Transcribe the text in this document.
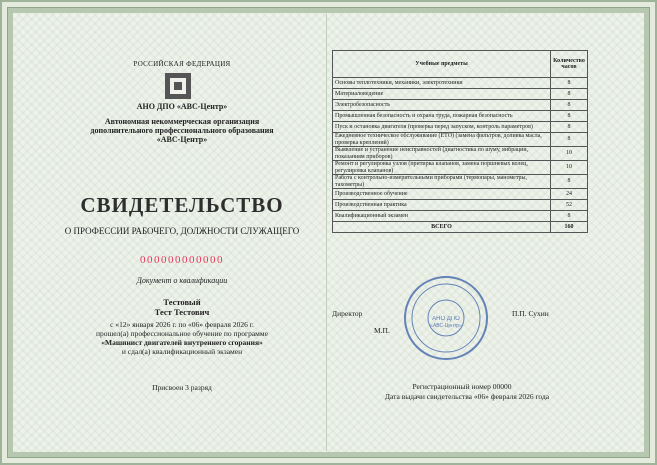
РОССИЙСКАЯ ФЕДЕРАЦИЯ
АНО ДПО «АВС-Центр»
Автономная некоммерческая организация дополнительного профессионального образования «АВС-Центр»
СВИДЕТЕЛЬСТВО
О ПРОФЕССИИ РАБОЧЕГО, ДОЛЖНОСТИ СЛУЖАЩЕГО
000000000000
Документ о квалификации
Тестовый
Тест Тестович
с «12» января 2026 г. по «06» февраля 2026 г.
прошел(а) профессиональное обучение по программе
«Машинист двигателей внутреннего сгорания»
и сдал(а) квалификационный экзамен
Присвоен 3 разряд
Учебные предметы	Количество часов
Основы теплотехники, механики, электротехники	8
Материаловедение	8
Электробезопасность	8
Промышленная безопасность и охрана труда, пожарная безопасность	8
Пуск и остановка двигателя (проверка перед запуском, контроль параметров)	8
Ежедневное техническое обслуживание (ЕТО) (замена фильтров, доливка масла, проверка креплений)	8
Выявление и устранение неисправностей (диагностика по шуму, вибрации, показаниям приборов)	10
Ремонт и регулировка узлов (притирка клапанов, замена поршневых колец, регулировка клапанов)	10
Работа с контрольно-измерительными приборами (термопары, манометры, тахометры)	8
Производственное обучение	24
Производственная практика	52
Квалификационный экзамен	8
ВСЕГО	160
Директор	П.П. Сухин
М.П.
АНО ДПО
«АВС-Центр»
Регистрационный номер 00000
Дата выдачи свидетельства «06» февраля 2026 года
